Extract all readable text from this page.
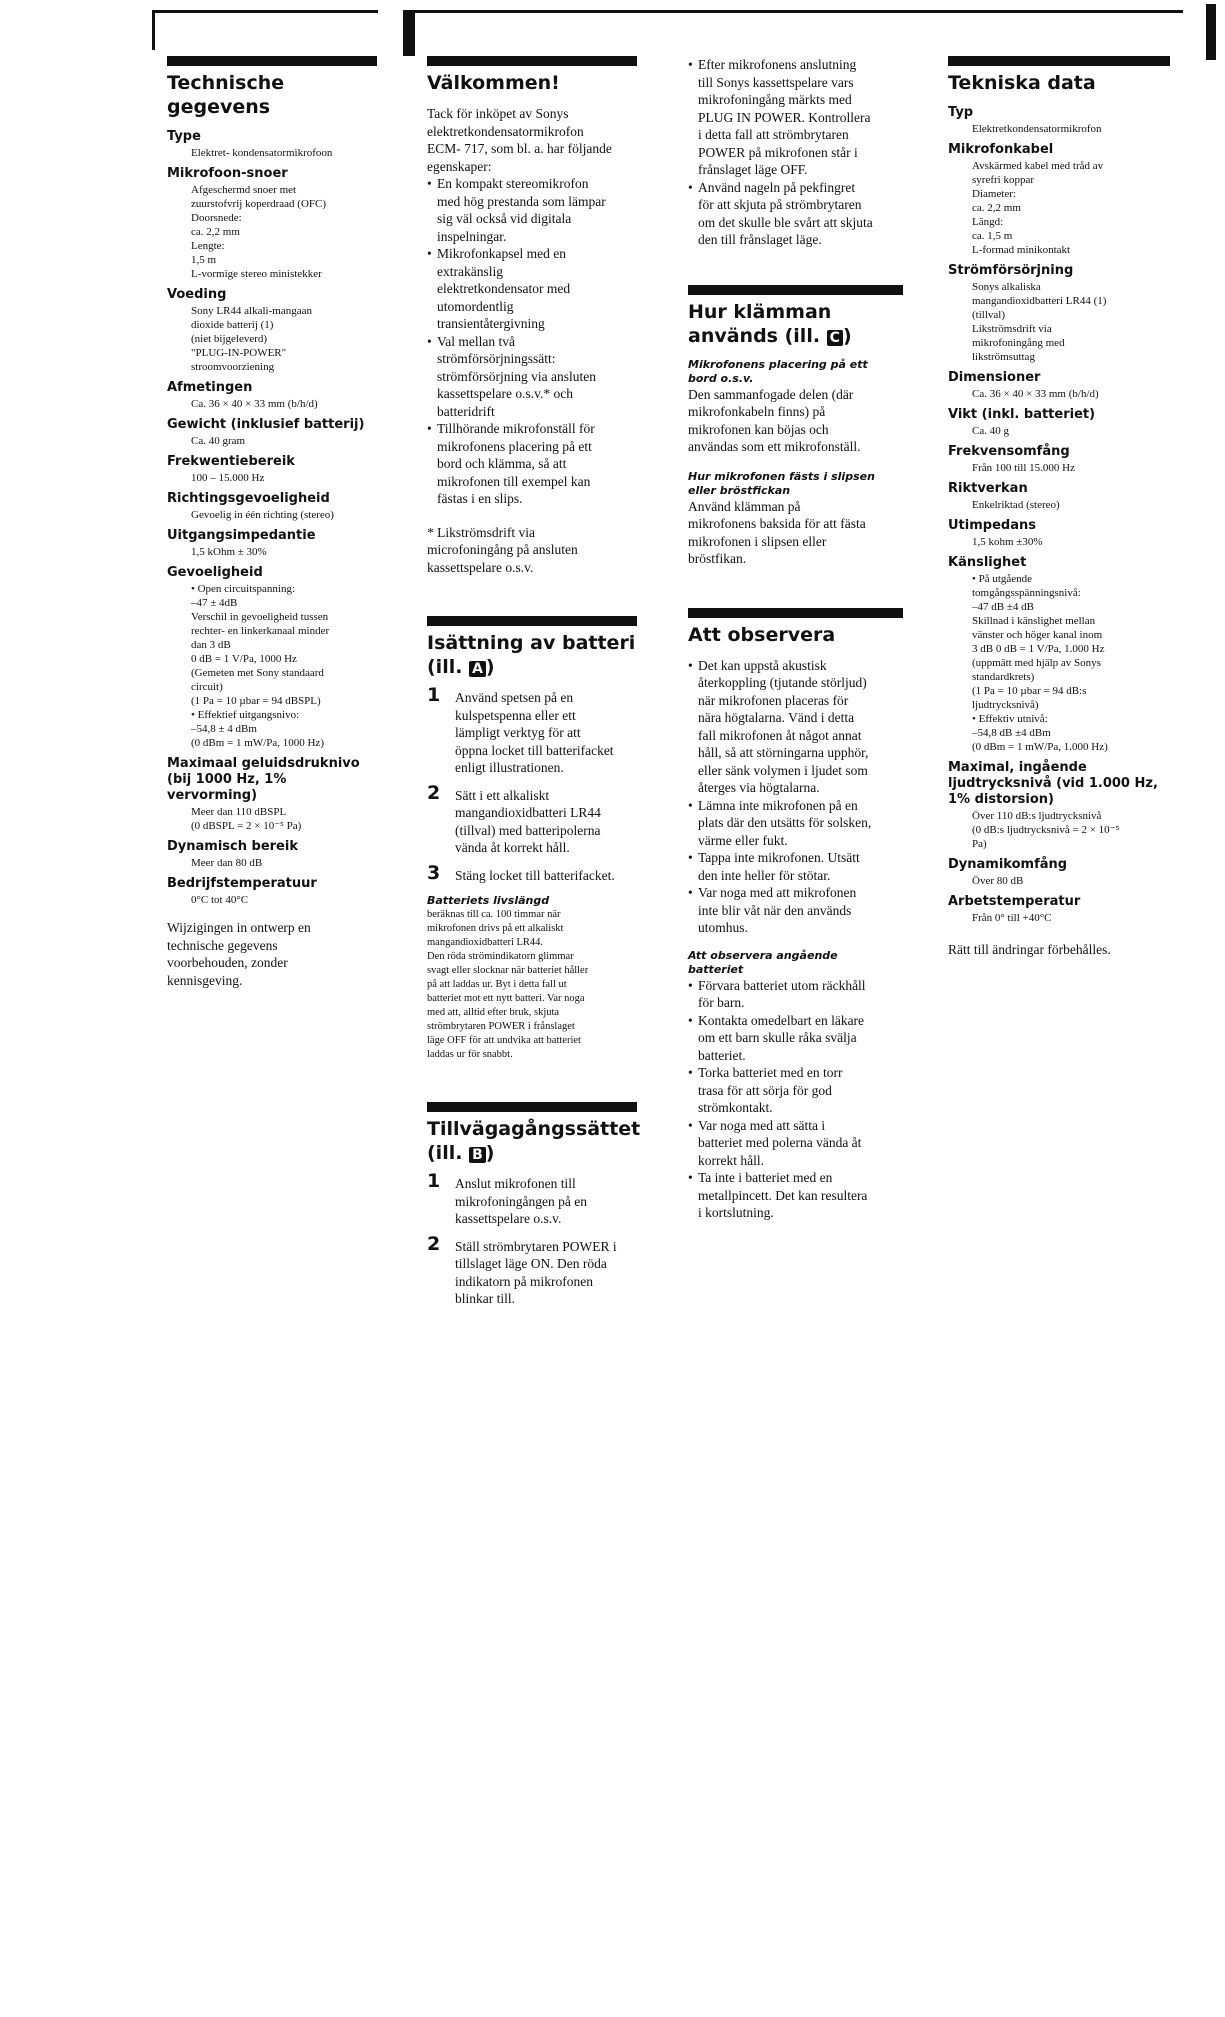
Technische gegevens
Type
Elektret- kondensatormikrofoon
Mikrofoon-snoer
Afgeschermd snoer met
zuurstofvrij koperdraad (OFC)
Doorsnede:
ca. 2,2 mm
Lengte:
1,5 m
L-vormige stereo ministekker
Voeding
Sony LR44 alkali-mangaan
dioxide batterij (1)
(niet bijgeleverd)
"PLUG-IN-POWER"
stroomvoorziening
Afmetingen
Ca. 36 × 40 × 33 mm (b/h/d)
Gewicht (inklusief batterij)
Ca. 40 gram
Frekwentiebereik
100 – 15.000 Hz
Richtingsgevoeligheid
Gevoelig in één richting (stereo)
Uitgangsimpedantie
1,5 kOhm ± 30%
Gevoeligheid
• Open circuitspanning:
–47 ± 4dB
Verschil in gevoeligheid tussen
rechter- en linkerkanaal minder
dan 3 dB
0 dB = 1 V/Pa, 1000 Hz
(Gemeten met Sony standaard
circuit)
(1 Pa = 10 µbar = 94 dBSPL)
• Effektief uitgangsnivo:
–54,8 ± 4 dBm
(0 dBm = 1 mW/Pa, 1000 Hz)
Maximaal geluidsdruknivo
(bij 1000 Hz, 1% vervorming)
Meer dan 110 dBSPL
(0 dBSPL = 2 × 10⁻⁵ Pa)
Dynamisch bereik
Meer dan 80 dB
Bedrijfstemperatuur
0°C tot 40°C
Wijzigingen in ontwerp en
technische gegevens
voorbehouden, zonder
kennisgeving.
Välkommen!
Tack för inköpet av Sonys
elektretkondensatormikrofon
ECM- 717, som bl. a. har följande
egenskaper:
• En kompakt stereomikrofon
med hög prestanda som lämpar
sig väl också vid digitala
inspelningar.
• Mikrofonkapsel med en
extrakänslig
elektretkondensator med
utomordentlig
transientåtergivning
• Val mellan två
strömförsörjningssätt:
strömförsörjning via ansluten
kassettspelare o.s.v.* och
batteridrift
• Tillhörande mikrofonställ för
mikrofonens placering på ett
bord och klämma, så att
mikrofonen till exempel kan
fästas i en slips.
* Likströmsdrift via
microfoningång på ansluten
kassettspelare o.s.v.
Isättning av batteri
(ill. A )
1 Använd spetsen på en
kulspetspenna eller ett
lämpligt verktyg för att
öppna locket till batterifacket
enligt illustrationen.
2 Sätt i ett alkaliskt
mangandioxidbatteri LR44
(tillval) med batteripolerna
vända åt korrekt håll.
3 Stäng locket till batterifacket.
Batteriets livslängd
beräknas till ca. 100 timmar när
mikrofonen drivs på ett alkaliskt
mangandioxidbatteri LR44.
Den röda strömindikatorn glimmar
svagt eller slocknar när batteriet håller
på att laddas ur. Byt i detta fall ut
batteriet mot ett nytt batteri. Var noga
med att, alltid efter bruk, skjuta
strömbrytaren POWER i frånslaget
läge OFF för att undvika att batteriet
laddas ur för snabbt.
Tillvägagångssättet
(ill. B )
1 Anslut mikrofonen till
mikrofoningången på en
kassettspelare o.s.v.
2 Ställ strömbrytaren POWER i
tillslaget läge ON. Den röda
indikatorn på mikrofonen
blinkar till.
• Efter mikrofonens anslutning
till Sonys kassettspelare vars
mikrofoningång märkts med
PLUG IN POWER. Kontrollera
i detta fall att strömbrytaren
POWER på mikrofonen står i
frånslaget läge OFF.
• Använd nageln på pekfingret
för att skjuta på strömbrytaren
om det skulle ble svårt att skjuta
den till frånslaget läge.
Hur klämman
används (ill. C )
Mikrofonens placering på ett
bord o.s.v.
Den sammanfogade delen (där
mikrofonkabeln finns) på
mikrofonen kan böjas och
användas som ett mikrofonställ.
Hur mikrofonen fästs i slipsen
eller bröstfickan
Använd klämman på
mikrofonens baksida för att fästa
mikrofonen i slipsen eller
bröstfikan.
Att observera
• Det kan uppstå akustisk
återkoppling (tjutande störljud)
när mikrofonen placeras för
nära högtalarna. Vänd i detta
fall mikrofonen åt något annat
håll, så att störningarna upphör,
eller sänk volymen i ljudet som
återges via högtalarna.
• Lämna inte mikrofonen på en
plats där den utsätts för solsken,
värme eller fukt.
• Tappa inte mikrofonen. Utsätt
den inte heller för stötar.
• Var noga med att mikrofonen
inte blir våt när den används
utomhus.
Att observera angående
batteriet
• Förvara batteriet utom räckhåll
för barn.
• Kontakta omedelbart en läkare
om ett barn skulle råka svälja
batteriet.
• Torka batteriet med en torr
trasa för att sörja för god
strömkontakt.
• Var noga med att sätta i
batteriet med polerna vända åt
korrekt håll.
• Ta inte i batteriet med en
metallpincett. Det kan resultera
i kortslutning.
Tekniska data
Typ
Elektretkondensatormikrofon
Mikrofonkabel
Avskärmed kabel med tråd av
syrefri koppar
Diameter:
ca. 2,2 mm
Längd:
ca. 1,5 m
L-formad minikontakt
Strömförsörjning
Sonys alkaliska
mangandioxidbatteri LR44 (1)
(tillval)
Likströmsdrift via
mikrofoningång med
likströmsuttag
Dimensioner
Ca. 36 × 40 × 33 mm (b/h/d)
Vikt (inkl. batteriet)
Ca. 40 g
Frekvensomfång
Från 100 till 15.000 Hz
Riktverkan
Enkelriktad (stereo)
Utimpedans
1,5 kohm ±30%
Känslighet
• På utgående
tomgångsspänningsnivå:
–47 dB ±4 dB
Skillnad i känslighet mellan
vänster och höger kanal inom
3 dB 0 dB = 1 V/Pa, 1.000 Hz
(uppmätt med hjälp av Sonys
standardkrets)
(1 Pa = 10 µbar = 94 dB:s
ljudtrycksnivå)
• Effektiv utnivå:
–54,8 dB ±4 dBm
(0 dBm = 1 mW/Pa, 1.000 Hz)
Maximal, ingående
ljudtrycksnivå (vid 1.000 Hz,
1% distorsion)
Över 110 dB:s ljudtrycksnivå
(0 dB:s ljudtrycksnivå = 2 × 10⁻⁵
Pa)
Dynamikomfång
Över 80 dB
Arbetstemperatur
Från 0° till +40°C
Rätt till ändringar förbehålles.
